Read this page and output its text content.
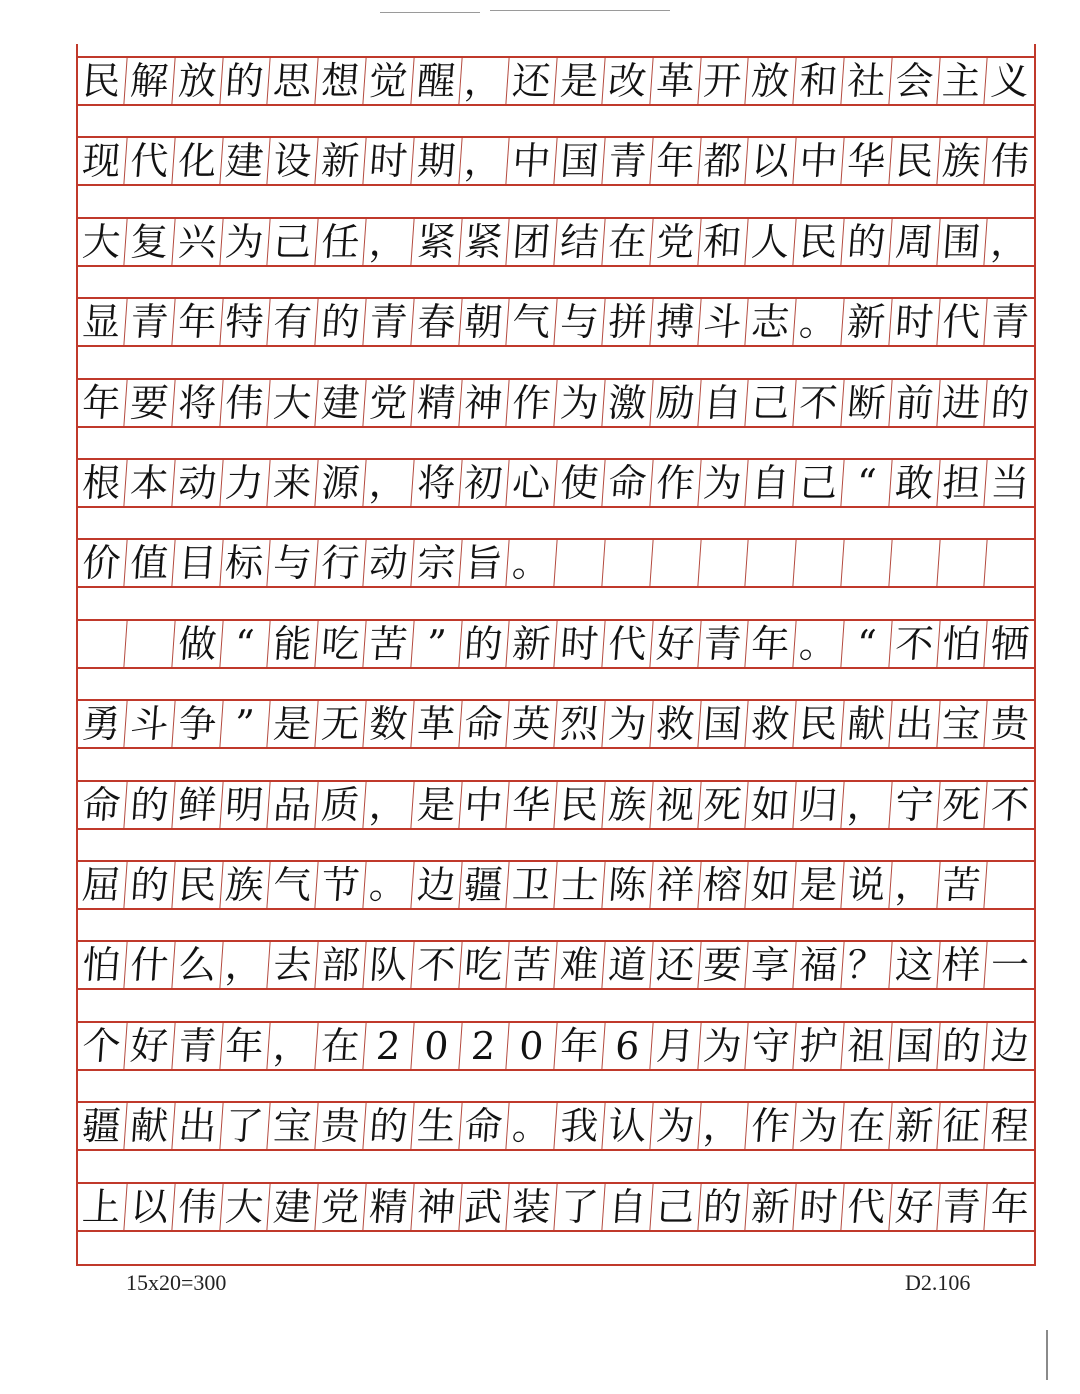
民 解 放 的 思 想 觉 醒 ， 还 是 改 革 开 放 和 社 会 主 义
现 代 化 建 设 新 时 期 ， 中 国 青 年 都 以 中 华 民 族 伟
大 复 兴 为 己 任 ， 紧 紧 团 结 在 党 和 人 民 的 周 围 ，
显 青 年 特 有 的 青 春 朝 气 与 拼 搏 斗 志 。 新 时 代 青
年 要 将 伟 大 建 党 精 神 作 为 激 励 自 己 不 断 前 进 的
根 本 动 力 来 源 ， 将 初 心 使 命 作 为 自 己 “ 敢 担 当
价 值 目 标 与 行 动 宗 旨 。

做 “ 能 吃 苦 ” 的 新 时 代 好 青 年 。 “ 不 怕 牺
勇 斗 争 ” 是 无 数 革 命 英 烈 为 救 国 救 民 献 出 宝 贵
命 的 鲜 明 品 质 ， 是 中 华 民 族 视 死 如 归 ， 宁 死 不
屈 的 民 族 气 节 。 边 疆 卫 士 陈 祥 榕 如 是 说 ， 苦
怕 什 么 ， 去 部 队 不 吃 苦 难 道 还 要 享 福 ？ 这 样 一
个 好 青 年 ， 在 2 0 2 0 年 6 月 为 守 护 祖 国 的 边
疆 献 出 了 宝 贵 的 生 命 。 我 认 为 ， 作 为 在 新 征 程
上 以 伟 大 建 党 精 神 武 装 了 自 己 的 新 时 代 好 青 年
15x20=300	D2.106
